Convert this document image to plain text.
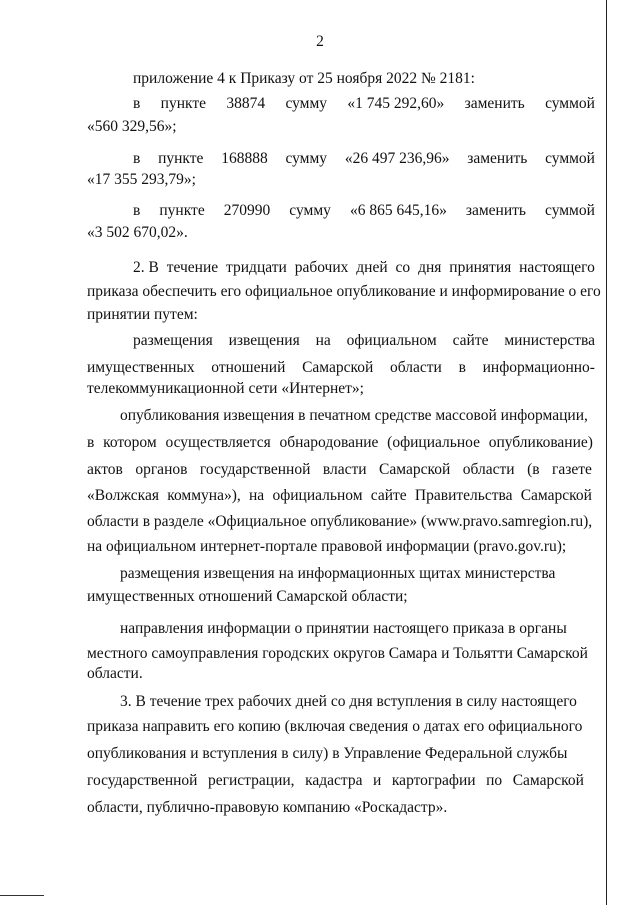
2
приложение 4 к Приказу от 25 ноября 2022 № 2181:
в пункте 38874 сумму «1 745 292,60» заменить суммой
«560 329,56»;
в пункте 168888 сумму «26 497 236,96» заменить суммой
«17 355 293,79»;
в пункте 270990 сумму «6 865 645,16» заменить суммой
«3 502 670,02».
2. В течение тридцати рабочих дней со дня принятия настоящего
приказа обеспечить его официальное опубликование и информирование о его
принятии путем:
размещения извещения на официальном сайте министерства
имущественных отношений Самарской области в информационно-
телекоммуникационной сети «Интернет»;
опубликования извещения в печатном средстве массовой информации,
в котором осуществляется обнародование (официальное опубликование)
актов органов государственной власти Самарской области (в газете
«Волжская коммуна»), на официальном сайте Правительства Самарской
области в разделе «Официальное опубликование» (www.pravo.samregion.ru),
на официальном интернет-портале правовой информации (pravo.gov.ru);
размещения извещения на информационных щитах министерства
имущественных отношений Самарской области;
направления информации о принятии настоящего приказа в органы
местного самоуправления городских округов Самара и Тольятти Самарской
области.
3. В течение трех рабочих дней со дня вступления в силу настоящего
приказа направить его копию (включая сведения о датах его официального
опубликования и вступления в силу) в Управление Федеральной службы
государственной регистрации, кадастра и картографии по Самарской
области, публично-правовую компанию «Роскадастр».
